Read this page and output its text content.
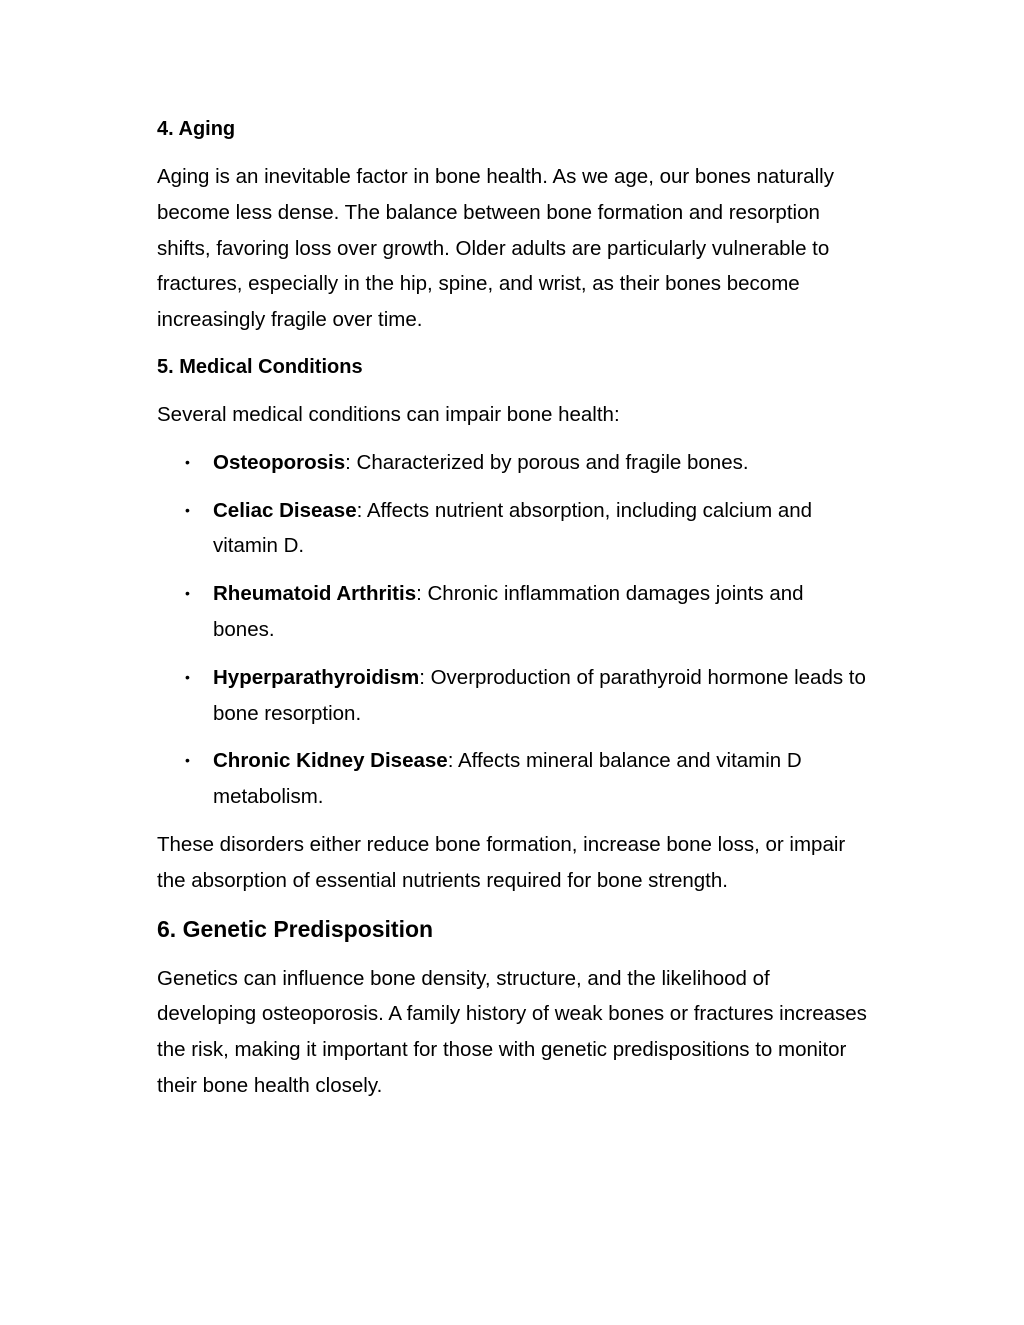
4. Aging

Aging is an inevitable factor in bone health. As we age, our bones naturally become less dense. The balance between bone formation and resorption shifts, favoring loss over growth. Older adults are particularly vulnerable to fractures, especially in the hip, spine, and wrist, as their bones become increasingly fragile over time.

5. Medical Conditions

Several medical conditions can impair bone health:

• Osteoporosis: Characterized by porous and fragile bones.
• Celiac Disease: Affects nutrient absorption, including calcium and vitamin D.
• Rheumatoid Arthritis: Chronic inflammation damages joints and bones.
• Hyperparathyroidism: Overproduction of parathyroid hormone leads to bone resorption.
• Chronic Kidney Disease: Affects mineral balance and vitamin D metabolism.

These disorders either reduce bone formation, increase bone loss, or impair the absorption of essential nutrients required for bone strength.

6. Genetic Predisposition

Genetics can influence bone density, structure, and the likelihood of developing osteoporosis. A family history of weak bones or fractures increases the risk, making it important for those with genetic predispositions to monitor their bone health closely.
